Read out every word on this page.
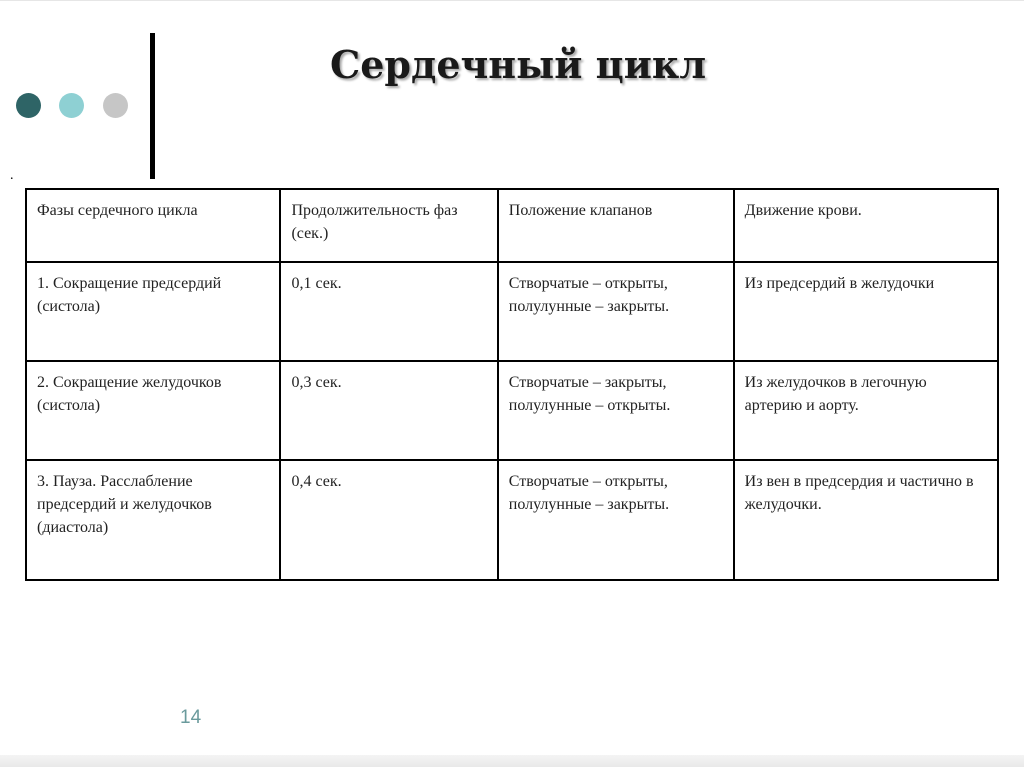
Сердечный цикл
.
Фазы сердечного цикла	Продолжительность фаз (сек.)	Положение клапанов	Движение крови.
1. Сокращение предсердий (систола)	0,1 сек.	Створчатые – открыты, полулунные – закрыты.	Из предсердий в желудочки
2. Сокращение желудочков (систола)	0,3 сек.	Створчатые – закрыты, полулунные – открыты.	Из желудочков в легочную артерию и аорту.
3. Пауза. Расслабление предсердий и желудочков (диастола)	0,4 сек.	Створчатые – открыты, полулунные – закрыты.	Из вен в предсердия и частично в желудочки.
14
